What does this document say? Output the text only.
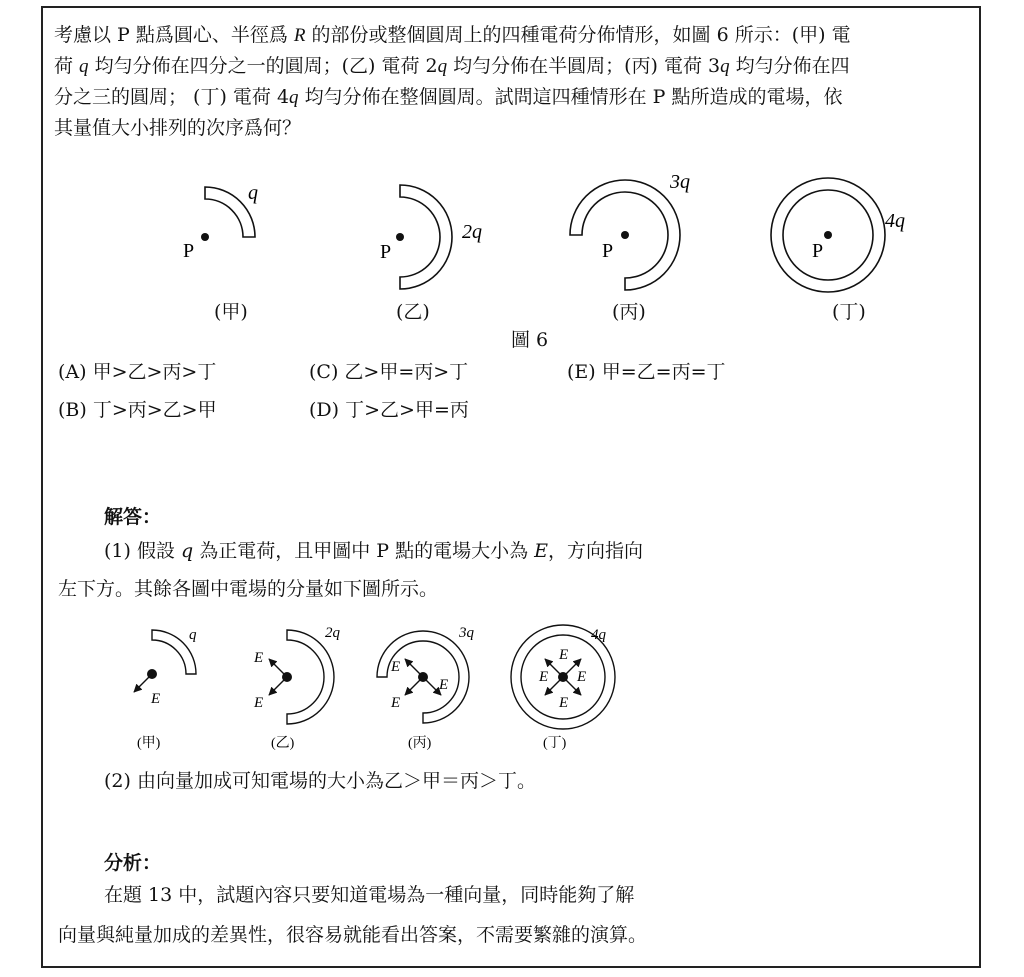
考慮以 P 點爲圓心、半徑爲 R 的部份或整個圓周上的四種電荷分佈情形，如圖 6 所示：(甲) 電
荷 q 均勻分佈在四分之一的圓周；(乙) 電荷 2q 均勻分佈在半圓周；(丙) 電荷 3q 均勻分佈在四
分之三的圓周； (丁) 電荷 4q 均勻分佈在整個圓周。試問這四種情形在 P 點所造成的電場，依
其量值大小排列的次序爲何？
P
q
P
2q
P
3q
P
4q
(甲)	(乙)	(丙)	(丁)
圖 6
(A) 甲>乙>丙>丁	(C) 乙>甲=丙>丁	(E) 甲=乙=丙=丁
(B) 丁>丙>乙>甲	(D) 丁>乙>甲=丙
解答：
(1) 假設 q 為正電荷，且甲圖中 P 點的電場大小為 E，方向指向
左下方。其餘各圖中電場的分量如下圖所示。
E
q
E
E
2q
E
E
E
3q
E
E
E
E
4q
(甲)	(乙)	(丙)	(丁)
(2) 由向量加成可知電場的大小為乙＞甲＝丙＞丁。
分析：
在題 13 中，試題內容只要知道電場為一種向量，同時能夠了解
向量與純量加成的差異性，很容易就能看出答案，不需要繁雜的演算。
